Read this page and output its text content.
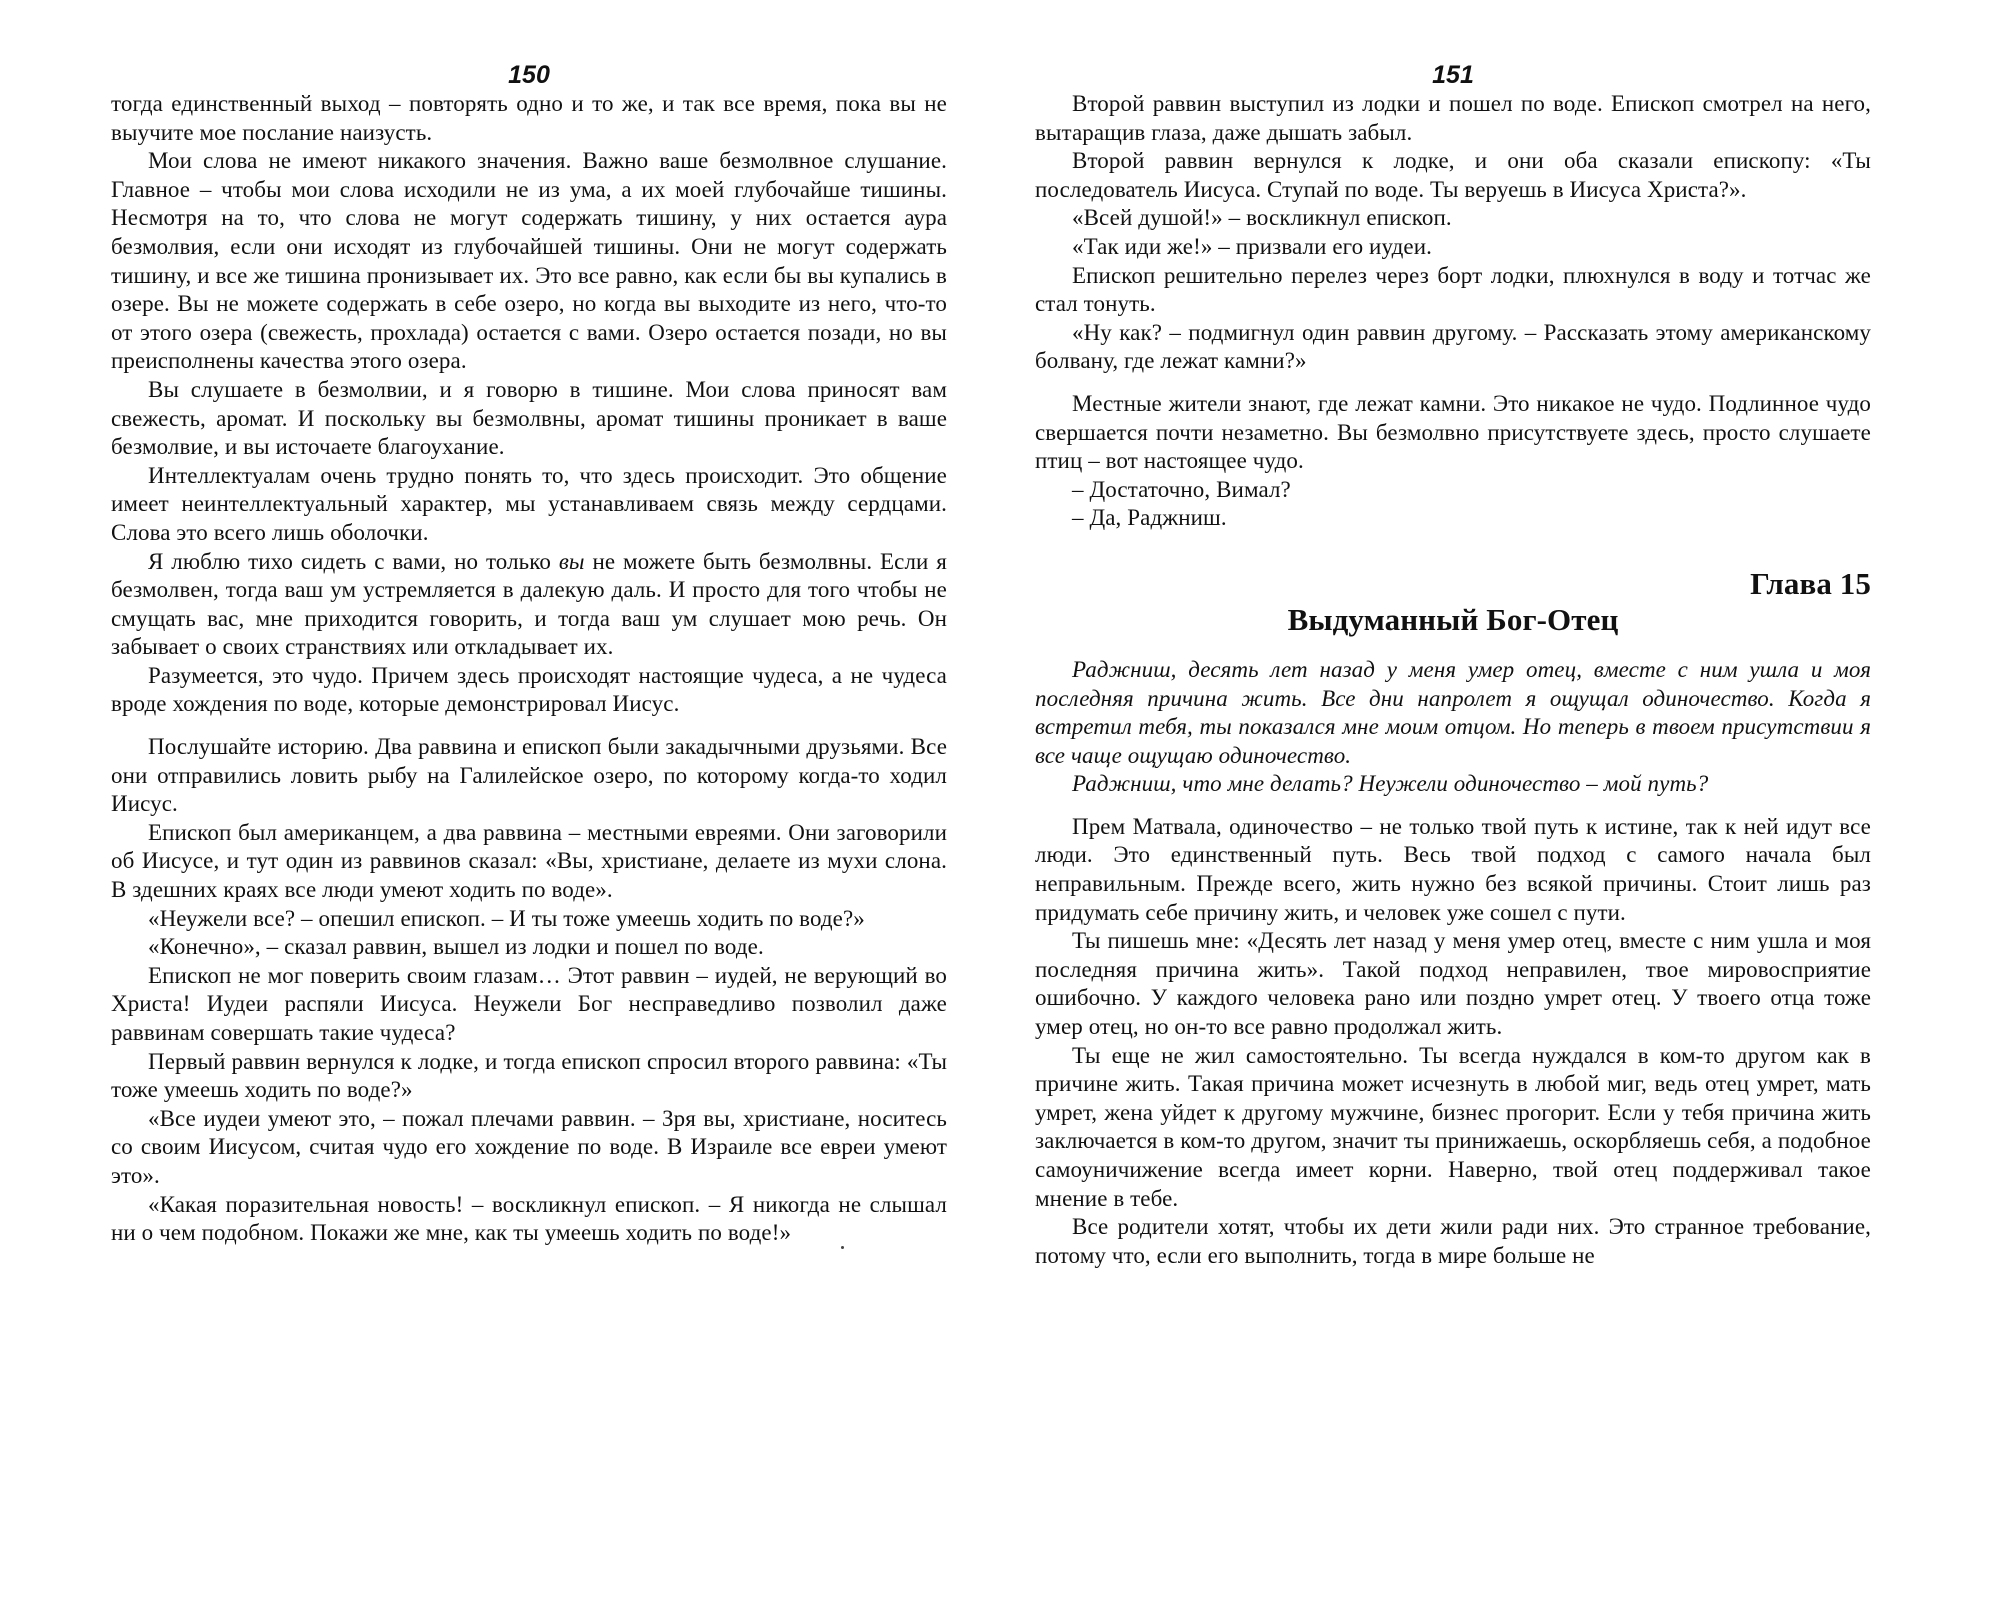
150

тогда единственный выход – повторять одно и то же, и так все время, пока вы не выучите мое послание наизусть.

Мои слова не имеют никакого значения. Важно ваше безмолвное слушание. Главное – чтобы мои слова исходили не из ума, а их моей глубочайше тишины. Несмотря на то, что слова не могут содержать тишину, у них остается аура безмолвия, если они исходят из глубочайшей тишины. Они не могут содержать тишину, и все же тишина пронизывает их. Это все равно, как если бы вы купались в озере. Вы не можете содержать в себе озеро, но когда вы выходите из него, что-то от этого озера (свежесть, прохлада) остается с вами. Озеро остается позади, но вы преисполнены качества этого озера.

Вы слушаете в безмолвии, и я говорю в тишине. Мои слова приносят вам свежесть, аромат. И поскольку вы безмолвны, аромат тишины проникает в ваше безмолвие, и вы источаете благоухание.

Интеллектуалам очень трудно понять то, что здесь происходит. Это общение имеет неинтеллектуальный характер, мы устанавливаем связь между сердцами. Слова это всего лишь оболочки.

Я люблю тихо сидеть с вами, но только вы не можете быть безмолвны. Если я безмолвен, тогда ваш ум устремляется в далекую даль. И просто для того чтобы не смущать вас, мне приходится говорить, и тогда ваш ум слушает мою речь. Он забывает о своих странствиях или откладывает их.

Разумеется, это чудо. Причем здесь происходят настоящие чудеса, а не чудеса вроде хождения по воде, которые демонстрировал Иисус.

Послушайте историю. Два раввина и епископ были закадычными друзьями. Все они отправились ловить рыбу на Галилейское озеро, по которому когда-то ходил Иисус.

Епископ был американцем, а два раввина – местными евреями. Они заговорили об Иисусе, и тут один из раввинов сказал: «Вы, христиане, делаете из мухи слона. В здешних краях все люди умеют ходить по воде».

«Неужели все? – опешил епископ. – И ты тоже умеешь ходить по воде?»

«Конечно», – сказал раввин, вышел из лодки и пошел по воде.

Епископ не мог поверить своим глазам… Этот раввин – иудей, не верующий во Христа! Иудеи распяли Иисуса. Неужели Бог несправедливо позволил даже раввинам совершать такие чудеса?

Первый раввин вернулся к лодке, и тогда епископ спросил второго раввина: «Ты тоже умеешь ходить по воде?»

«Все иудеи умеют это, – пожал плечами раввин. – Зря вы, христиане, носитесь со своим Иисусом, считая чудо его хождение по воде. В Израиле все евреи умеют это».

«Какая поразительная новость! – воскликнул епископ. – Я никогда не слышал ни о чем подобном. Покажи же мне, как ты умеешь ходить по воде!»

151

Второй раввин выступил из лодки и пошел по воде. Епископ смотрел на него, вытаращив глаза, даже дышать забыл.

Второй раввин вернулся к лодке, и они оба сказали епископу: «Ты последователь Иисуса. Ступай по воде. Ты веруешь в Иисуса Христа?».

«Всей душой!» – воскликнул епископ.

«Так иди же!» – призвали его иудеи.

Епископ решительно перелез через борт лодки, плюхнулся в воду и тотчас же стал тонуть.

«Ну как? – подмигнул один раввин другому. – Рассказать этому американскому болвану, где лежат камни?»

Местные жители знают, где лежат камни. Это никакое не чудо. Подлинное чудо свершается почти незаметно. Вы безмолвно присутствуете здесь, просто слушаете птиц – вот настоящее чудо.

– Достаточно, Вимал?

– Да, Раджниш.

Глава 15
Выдуманный Бог-Отец

Раджниш, десять лет назад у меня умер отец, вместе с ним ушла и моя последняя причина жить. Все дни напролет я ощущал одиночество. Когда я встретил тебя, ты показался мне моим отцом. Но теперь в твоем присутствии я все чаще ощущаю одиночество.

Раджниш, что мне делать? Неужели одиночество – мой путь?

Прем Матвала, одиночество – не только твой путь к истине, так к ней идут все люди. Это единственный путь. Весь твой подход с самого начала был неправильным. Прежде всего, жить нужно без всякой причины. Стоит лишь раз придумать себе причину жить, и человек уже сошел с пути.

Ты пишешь мне: «Десять лет назад у меня умер отец, вместе с ним ушла и моя последняя причина жить». Такой подход неправилен, твое мировосприятие ошибочно. У каждого человека рано или поздно умрет отец. У твоего отца тоже умер отец, но он-то все равно продолжал жить.

Ты еще не жил самостоятельно. Ты всегда нуждался в ком-то другом как в причине жить. Такая причина может исчезнуть в любой миг, ведь отец умрет, мать умрет, жена уйдет к другому мужчине, бизнес прогорит. Если у тебя причина жить заключается в ком-то другом, значит ты принижаешь, оскорбляешь себя, а подобное самоуничижение всегда имеет корни. Наверно, твой отец поддерживал такое мнение в тебе.

Все родители хотят, чтобы их дети жили ради них. Это странное требование, потому что, если его выполнить, тогда в мире больше не
